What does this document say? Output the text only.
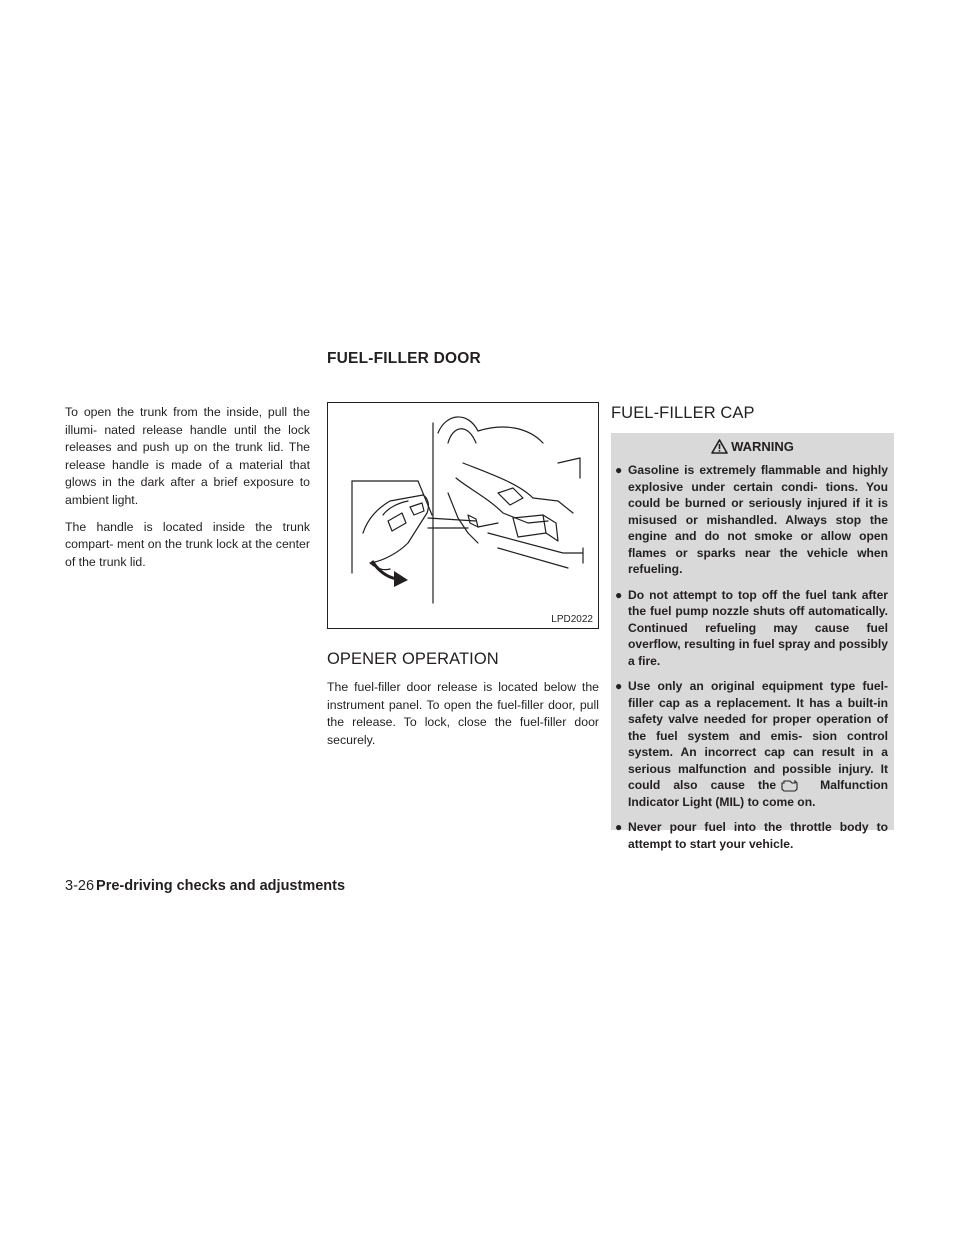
FUEL-FILLER DOOR

To open the trunk from the inside, pull the illumi- nated release handle until the lock releases and push up on the trunk lid. The release handle is made of a material that glows in the dark after a brief exposure to ambient light.

The handle is located inside the trunk compart- ment on the trunk lock at the center of the trunk lid.

LPD2022
OPENER OPERATION

The fuel-filler door release is located below the instrument panel. To open the fuel-filler door, pull the release. To lock, close the fuel-filler door securely.

FUEL-FILLER CAP
WARNING
● Gasoline is extremely flammable and highly explosive under certain condi- tions. You could be burned or seriously injured if it is misused or mishandled. Always stop the engine and do not smoke or allow open flames or sparks near the vehicle when refueling.
● Do not attempt to top off the fuel tank after the fuel pump nozzle shuts off automatically. Continued refueling may cause fuel overflow, resulting in fuel spray and possibly a fire.
● Use only an original equipment type fuel-filler cap as a replacement. It has a built-in safety valve needed for proper operation of the fuel system and emis- sion control system. An incorrect cap can result in a serious malfunction and possible injury. It could also cause the	Malfunction Indicator Light (MIL) to come on.
● Never pour fuel into the throttle body to attempt to start your vehicle.
3-26 Pre-driving checks and adjustments
